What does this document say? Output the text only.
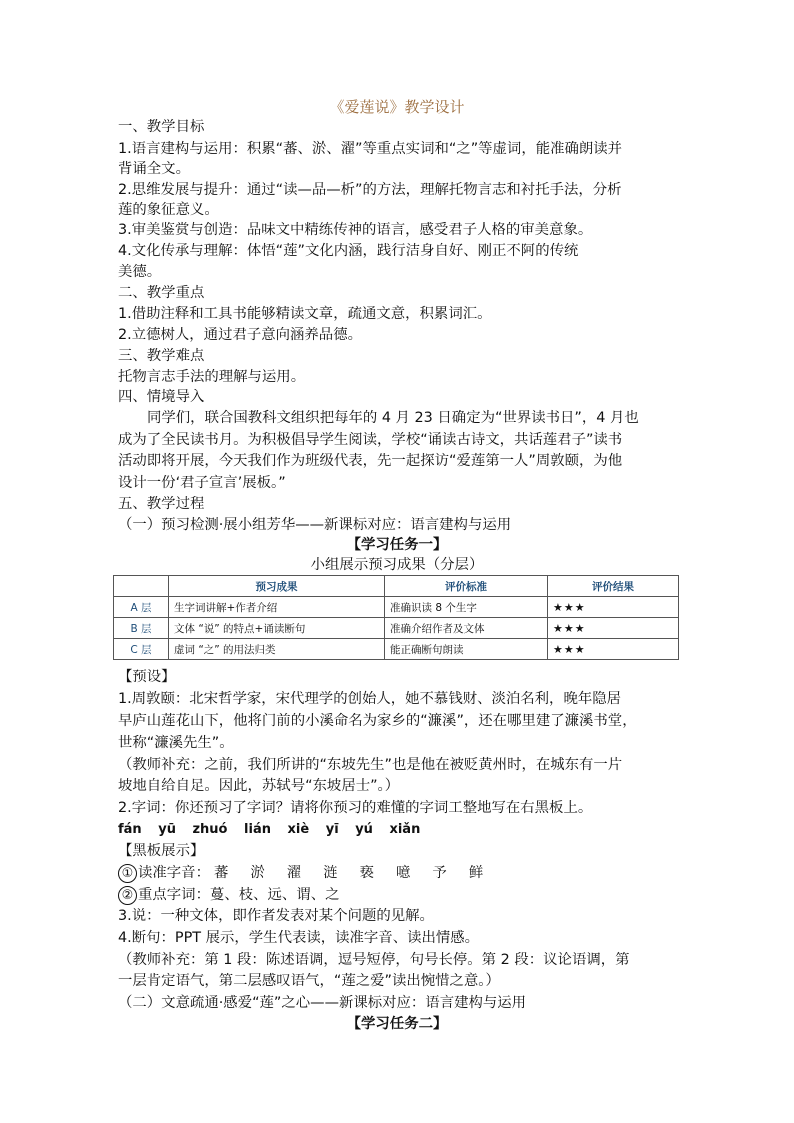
《爱莲说》教学设计
一、教学目标
1.语言建构与运用：积累“蕃、淤、濯”等重点实词和“之”等虚词，能准确朗读并
背诵全文。
2.思维发展与提升：通过“读—品—析”的方法，理解托物言志和衬托手法，分析
莲的象征意义。
3.审美鉴赏与创造：品味文中精练传神的语言，感受君子人格的审美意象。
4.文化传承与理解：体悟“莲”文化内涵，践行洁身自好、刚正不阿的传统
美德。
二、教学重点
1.借助注释和工具书能够精读文章，疏通文意，积累词汇。
2.立德树人，通过君子意向涵养品德。
三、教学难点
托物言志手法的理解与运用。
四、情境导入
同学们，联合国教科文组织把每年的 4 月 23 日确定为“世界读书日”，4 月也
成为了全民读书月。为积极倡导学生阅读，学校“诵读古诗文，共话莲君子”读书
活动即将开展，今天我们作为班级代表，先一起探访“爱莲第一人”周敦颐，为他
设计一份‘君子宣言’展板。”
五、教学过程
（一）预习检测·展小组芳华——新课标对应：语言建构与运用
【学习任务一】
小组展示预习成果（分层）
	预习成果	评价标准	评价结果
A 层	生字词讲解+作者介绍	准确识读 8 个生字	★★★
B 层	文体 “说” 的特点+诵读断句	准确介绍作者及文体	★★★
C 层	虚词 “之” 的用法归类	能正确断句朗读	★★★
【预设】
1.周敦颐：北宋哲学家，宋代理学的创始人，她不慕钱财、淡泊名利，晚年隐居
早庐山莲花山下，他将门前的小溪命名为家乡的“濂溪”，还在哪里建了濂溪书堂，
世称“濂溪先生”。
（教师补充：之前，我们所讲的“东坡先生”也是他在被贬黄州时，在城东有一片
坡地自给自足。因此，苏轼号“东坡居士”。）
2.字词：你还预习了字词？请将你预习的难懂的字词工整地写在右黑板上。
fán yū zhuó lián xiè yī yú xiǎn
【黑板展示】
① 读准字音： 蕃 淤 濯 涟 亵 噫 予 鲜
② 重点字词：蔓、枝、远、谓、之
3.说：一种文体，即作者发表对某个问题的见解。
4.断句：PPT 展示，学生代表读，读准字音、读出情感。
（教师补充：第 1 段：陈述语调，逗号短停，句号长停。第 2 段：议论语调，第
一层肯定语气，第二层感叹语气，“莲之爱”读出惋惜之意。）
（二）文意疏通·感爱“莲”之心——新课标对应：语言建构与运用
【学习任务二】
